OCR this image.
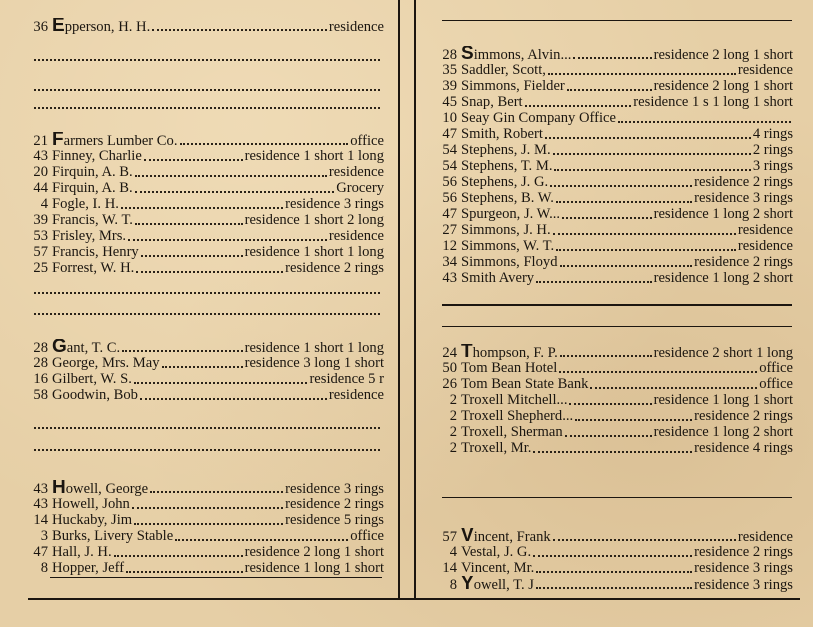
36 Epperson, H. H.	residence
21 Farmers Lumber Co.	office
43 Finney, Charlie	residence 1 short 1 long
20 Firquin, A. B.	residence
44 Firquin, A. B.	Grocery
4 Fogle, I. H.	residence 3 rings
39 Francis, W. T.	residence 1 short 2 long
53 Frisley, Mrs.	residence
57 Francis, Henry	residence 1 short 1 long
25 Forrest, W. H.	residence 2 rings
28 Gant, T. C.	residence 1 short 1 long
28 George, Mrs. May	residence 3 long 1 short
16 Gilbert, W. S.	residence 5 r
58 Goodwin, Bob	residence
43 Howell, George	residence 3 rings
43 Howell, John	residence 2 rings
14 Huckaby, Jim	residence 5 rings
3 Burks, Livery Stable	office
47 Hall, J. H.	residence 2 long 1 short
8 Hopper, Jeff	residence 1 long 1 short
28 Simmons, Alvin...	residence 2 long 1 short
35 Saddler, Scott,	residence
39 Simmons, Fielder	residence 2 long 1 short
45 Snap, Bert	residence 1 s 1 long 1 short
10 Seay Gin Company Office
47 Smith, Robert	4 rings
54 Stephens, J. M.	2 rings
54 Stephens, T. M.	3 rings
56 Stephens, J. G.	residence 2 rings
56 Stephens, B. W.	residence 3 rings
47 Spurgeon, J. W...	residence 1 long 2 short
27 Simmons, J. H.	residence
12 Simmons, W. T.	residence
34 Simmons, Floyd	residence 2 rings
43 Smith Avery	residence 1 long 2 short
24 Thompson, F. P.	residence 2 short 1 long
50 Tom Bean Hotel	office
26 Tom Bean State Bank	office
2 Troxell Mitchell...	residence 1 long 1 short
2 Troxell Shepherd...	residence 2 rings
2 Troxell, Sherman	residence 1 long 2 short
2 Troxell, Mr.	residence 4 rings
57 Vincent, Frank	residence
4 Vestal, J. G.	residence 2 rings
14 Vincent, Mr.	residence 3 rings
8 Yowell, T. J	residence 3 rings
